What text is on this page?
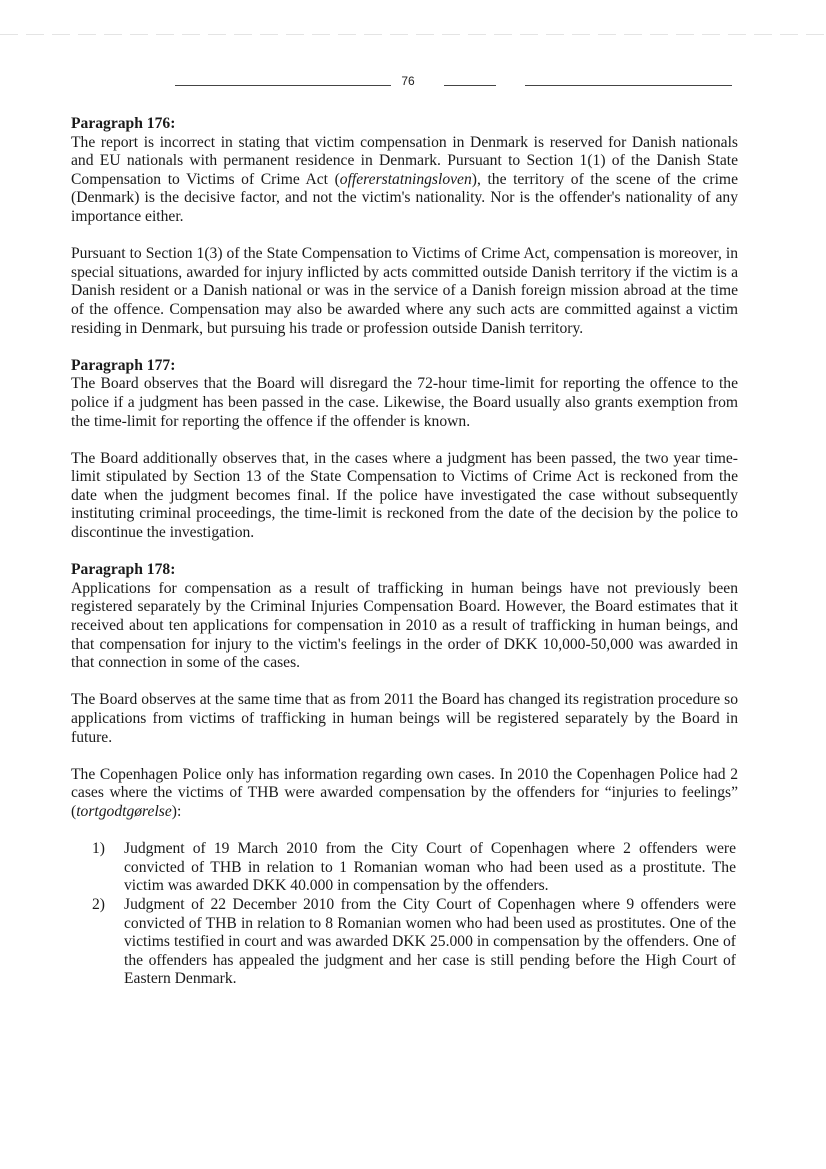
76
Paragraph 176:

The report is incorrect in stating that victim compensation in Denmark is reserved for Danish nationals and EU nationals with permanent residence in Denmark. Pursuant to Section 1(1) of the Danish State Compensation to Victims of Crime Act (offererstatningsloven), the territory of the scene of the crime (Denmark) is the decisive factor, and not the victim's nationality. Nor is the offender's nationality of any importance either.

Pursuant to Section 1(3) of the State Compensation to Victims of Crime Act, compensation is moreover, in special situations, awarded for injury inflicted by acts committed outside Danish territory if the victim is a Danish resident or a Danish national or was in the service of a Danish foreign mission abroad at the time of the offence. Compensation may also be awarded where any such acts are committed against a victim residing in Denmark, but pursuing his trade or profession outside Danish territory.

Paragraph 177:

The Board observes that the Board will disregard the 72-hour time-limit for reporting the offence to the police if a judgment has been passed in the case. Likewise, the Board usually also grants exemption from the time-limit for reporting the offence if the offender is known.

The Board additionally observes that, in the cases where a judgment has been passed, the two year time-limit stipulated by Section 13 of the State Compensation to Victims of Crime Act is reckoned from the date when the judgment becomes final. If the police have investigated the case without subsequently instituting criminal proceedings, the time-limit is reckoned from the date of the decision by the police to discontinue the investigation.

Paragraph 178:

Applications for compensation as a result of trafficking in human beings have not previously been registered separately by the Criminal Injuries Compensation Board. However, the Board estimates that it received about ten applications for compensation in 2010 as a result of trafficking in human beings, and that compensation for injury to the victim's feelings in the order of DKK 10,000-50,000 was awarded in that connection in some of the cases.

The Board observes at the same time that as from 2011 the Board has changed its registration procedure so applications from victims of trafficking in human beings will be registered separately by the Board in future.

The Copenhagen Police only has information regarding own cases. In 2010 the Copenhagen Police had 2 cases where the victims of THB were awarded compensation by the offenders for “injuries to feelings” (tortgodtgørelse):

1) Judgment of 19 March 2010 from the City Court of Copenhagen where 2 offenders were convicted of THB in relation to 1 Romanian woman who had been used as a prostitute. The victim was awarded DKK 40.000 in compensation by the offenders.
2) Judgment of 22 December 2010 from the City Court of Copenhagen where 9 offenders were convicted of THB in relation to 8 Romanian women who had been used as prostitutes. One of the victims testified in court and was awarded DKK 25.000 in compensation by the offenders. One of the offenders has appealed the judgment and her case is still pending before the High Court of Eastern Denmark.
